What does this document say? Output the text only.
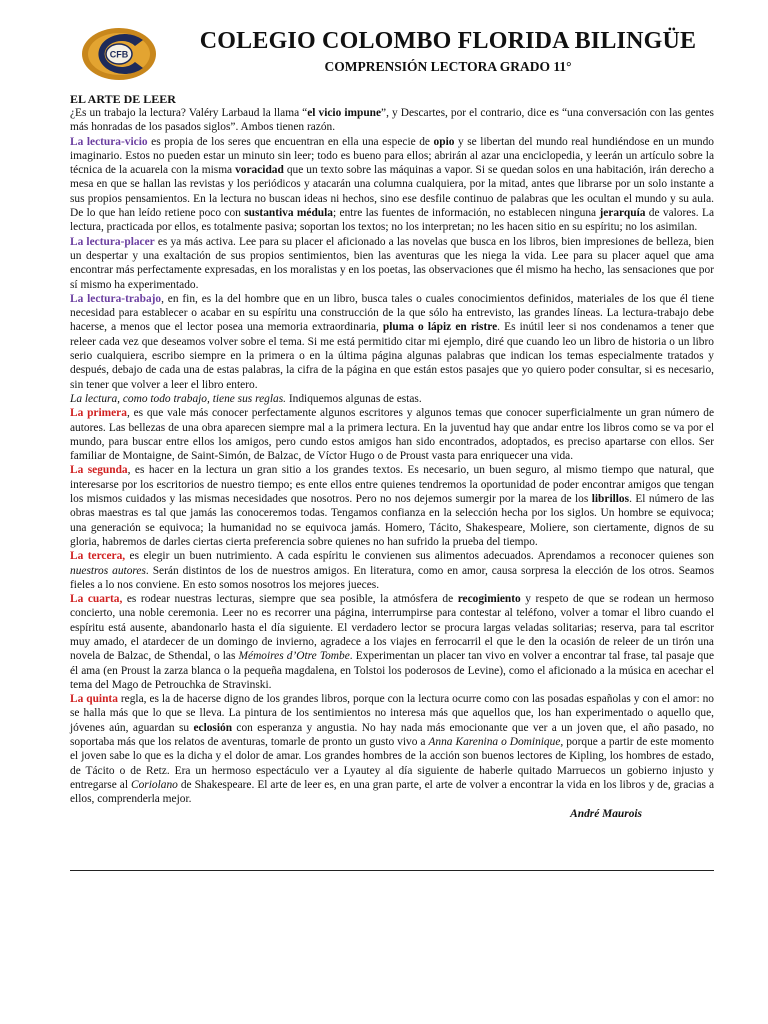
CFB
COLEGIO COLOMBO FLORIDA BILINGÜE
COMPRENSIÓN LECTORA GRADO 11°
EL ARTE DE LEER

¿Es un trabajo la lectura? Valéry Larbaud la llama “el vicio impune”, y Descartes, por el contrario, dice es “una conversación con las gentes más honradas de los pasados siglos”. Ambos tienen razón.

La lectura-vicio es propia de los seres que encuentran en ella una especie de opio y se libertan del mundo real hundiéndose en un mundo imaginario. Estos no pueden estar un minuto sin leer; todo es bueno para ellos; abrirán al azar una enciclopedia, y leerán un artículo sobre la técnica de la acuarela con la misma voracidad que un texto sobre las máquinas a vapor. Si se quedan solos en una habitación, irán derecho a mesa en que se hallan las revistas y los periódicos y atacarán una columna cualquiera, por la mitad, antes que librarse por un solo instante a sus propios pensamientos. En la lectura no buscan ideas ni hechos, sino ese desfile continuo de palabras que les ocultan el mundo y su aula. De lo que han leído retiene poco con sustantiva médula; entre las fuentes de información, no establecen ninguna jerarquía de valores. La lectura, practicada por ellos, es totalmente pasiva; soportan los textos; no los interpretan; no les hacen sitio en su espíritu; no los asimilan.

La lectura-placer es ya más activa. Lee para su placer el aficionado a las novelas que busca en los libros, bien impresiones de belleza, bien un despertar y una exaltación de sus propios sentimientos, bien las aventuras que les niega la vida. Lee para su placer aquel que ama encontrar más perfectamente expresadas, en los moralistas y en los poetas, las observaciones que él mismo ha hecho, las sensaciones que por sí mismo ha experimentado.

La lectura-trabajo, en fin, es la del hombre que en un libro, busca tales o cuales conocimientos definidos, materiales de los que él tiene necesidad para establecer o acabar en su espíritu una construcción de la que sólo ha entrevisto, las grandes líneas. La lectura-trabajo debe hacerse, a menos que el lector posea una memoria extraordinaria, pluma o lápiz en ristre. Es inútil leer si nos condenamos a tener que releer cada vez que deseamos volver sobre el tema. Si me está permitido citar mi ejemplo, diré que cuando leo un libro de historia o un libro serio cualquiera, escribo siempre en la primera o en la última página algunas palabras que indican los temas especialmente tratados y después, debajo de cada una de estas palabras, la cifra de la página en que están estos pasajes que yo quiero poder consultar, si es necesario, sin tener que volver a leer el libro entero.

La lectura, como todo trabajo, tiene sus reglas. Indiquemos algunas de estas.

La primera, es que vale más conocer perfectamente algunos escritores y algunos temas que conocer superficialmente un gran número de autores. Las bellezas de una obra aparecen siempre mal a la primera lectura. En la juventud hay que andar entre los libros como se va por el mundo, para buscar entre ellos los amigos, pero cundo estos amigos han sido encontrados, adoptados, es preciso apartarse con ellos. Ser familiar de Montaigne, de Saint-Simón, de Balzac, de Víctor Hugo o de Proust vasta para enriquecer una vida.

La segunda, es hacer en la lectura un gran sitio a los grandes textos. Es necesario, un buen seguro, al mismo tiempo que natural, que interesarse por los escritorios de nuestro tiempo; es ente ellos entre quienes tendremos la oportunidad de poder encontrar amigos que tengan los mismos cuidados y las mismas necesidades que nosotros. Pero no nos dejemos sumergir por la marea de los librillos. El número de las obras maestras es tal que jamás las conoceremos todas. Tengamos confianza en la selección hecha por los siglos. Un hombre se equivoca; una generación se equivoca; la humanidad no se equivoca jamás. Homero, Tácito, Shakespeare, Moliere, son ciertamente, dignos de su gloria, habremos de darles ciertas cierta preferencia sobre quienes no han sufrido la prueba del tiempo.

La tercera, es elegir un buen nutrimiento. A cada espíritu le convienen sus alimentos adecuados. Aprendamos a reconocer quienes son nuestros autores. Serán distintos de los de nuestros amigos. En literatura, como en amor, causa sorpresa la elección de los otros. Seamos fieles a lo nos conviene. En esto somos nosotros los mejores jueces.

La cuarta, es rodear nuestras lecturas, siempre que sea posible, la atmósfera de recogimiento y respeto de que se rodean un hermoso concierto, una noble ceremonia. Leer no es recorrer una página, interrumpirse para contestar al teléfono, volver a tomar el libro cuando el espíritu está ausente, abandonarlo hasta el día siguiente. El verdadero lector se procura largas veladas solitarias; reserva, para tal escritor muy amado, el atardecer de un domingo de invierno, agradece a los viajes en ferrocarril el que le den la ocasión de releer de un tirón una novela de Balzac, de Sthendal, o las Mémoires d’Otre Tombe. Experimentan un placer tan vivo en volver a encontrar tal frase, tal pasaje que él ama (en Proust la zarza blanca o la pequeña magdalena, en Tolstoi los poderosos de Levine), como el aficionado a la música en acechar el tema del Mago de Petrouchka de Stravinski.

La quinta regla, es la de hacerse digno de los grandes libros, porque con la lectura ocurre como con las posadas españolas y con el amor: no se halla más que lo que se lleva. La pintura de los sentimientos no interesa más que aquellos que, los han experimentado o aquello que, jóvenes aún, aguardan su eclosión con esperanza y angustia. No hay nada más emocionante que ver a un joven que, el año pasado, no soportaba más que los relatos de aventuras, tomarle de pronto un gusto vivo a Anna Karenina o Dominique, porque a partir de este momento el joven sabe lo que es la dicha y el dolor de amar. Los grandes hombres de la acción son buenos lectores de Kipling, los hombres de estado, de Tácito o de Retz. Era un hermoso espectáculo ver a Lyautey al día siguiente de haberle quitado Marruecos un gobierno injusto y entregarse al Coriolano de Shakespeare. El arte de leer es, en una gran parte, el arte de volver a encontrar la vida en los libros y de, gracias a ellos, comprenderla mejor.

André Maurois
